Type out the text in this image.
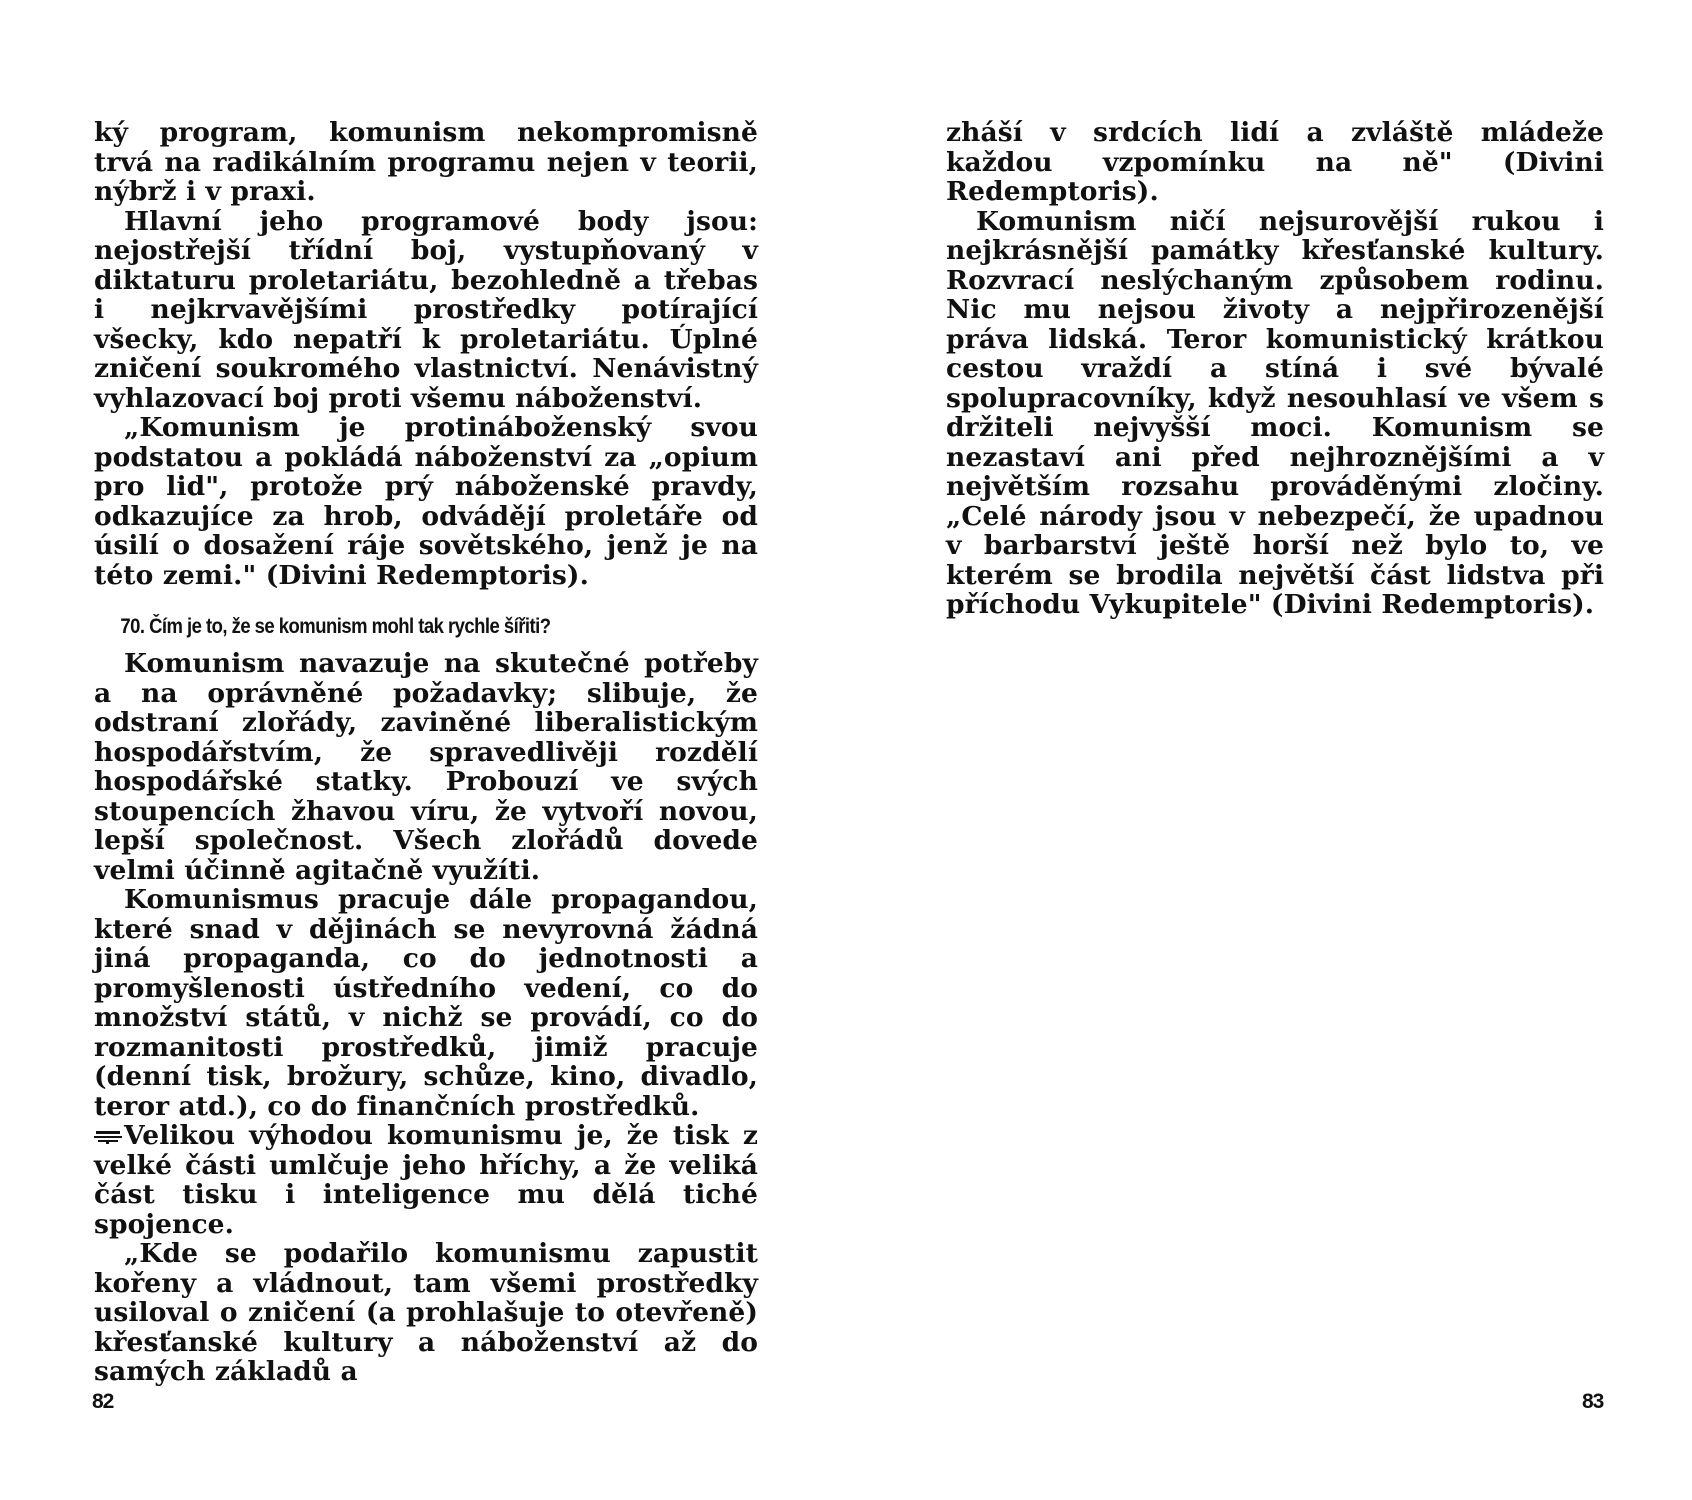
ký program, komunism nekompromisně trvá na radikálním programu nejen v teorii, nýbrž i v praxi.

Hlavní jeho programové body jsou: nejostřejší třídní boj, vystupňovaný v diktaturu proletariátu, bezohledně a třebas i nejkrvavějšími prostředky potírající všecky, kdo nepatří k proletariátu. Úplné zničení soukromého vlastnictví. Nenávistný vyhlazovací boj proti všemu náboženství.

„Komunism je protináboženský svou podstatou a pokládá náboženství za „opium pro lid", protože prý náboženské pravdy, odkazujíce za hrob, odvádějí proletáře od úsilí o dosažení ráje sovětského, jenž je na této zemi." (Divini Redemptoris).

70. Čím je to, že se komunism mohl tak rychle šířiti?

Komunism navazuje na skutečné potřeby a na oprávněné požadavky; slibuje, že odstraní zlořády, zaviněné liberalistickým hospodářstvím, že spravedlivěji rozdělí hospodářské statky. Probouzí ve svých stoupencích žhavou víru, že vytvoří novou, lepší společnost. Všech zlořádů dovede velmi účinně agitačně využíti.

Komunismus pracuje dále propagandou, které snad v dějinách se nevyrovná žádná jiná propaganda, co do jednotnosti a promyšlenosti ústředního vedení, co do množství států, v nichž se provádí, co do rozmanitosti prostředků, jimiž pracuje (denní tisk, brožury, schůze, kino, divadlo, teror atd.), co do finančních prostředků.

Velikou výhodou komunismu je, že tisk z velké části umlčuje jeho hříchy, a že veliká část tisku i inteligence mu dělá tiché spojence.

„Kde se podařilo komunismu zapustit kořeny a vládnout, tam všemi prostředky usiloval o zničení (a prohlašuje to otevřeně) křesťanské kultury a náboženství až do samých základů a

82

zháší v srdcích lidí a zvláště mládeže každou vzpomínku na ně" (Divini Redemptoris).

Komunism ničí nejsurovější rukou i nejkrásnější památky křesťanské kultury. Rozvrací neslýchaným způsobem rodinu. Nic mu nejsou životy a nejpřirozenější práva lidská. Teror komunistický krátkou cestou vraždí a stíná i své bývalé spolupracovníky, když nesouhlasí ve všem s držiteli nejvyšší moci. Komunism se nezastaví ani před nejhroznějšími a v největším rozsahu prováděnými zločiny. „Celé národy jsou v nebezpečí, že upadnou v barbarství ještě horší než bylo to, ve kterém se brodila největší část lidstva při příchodu Vykupitele" (Divini Redemptoris).

83
